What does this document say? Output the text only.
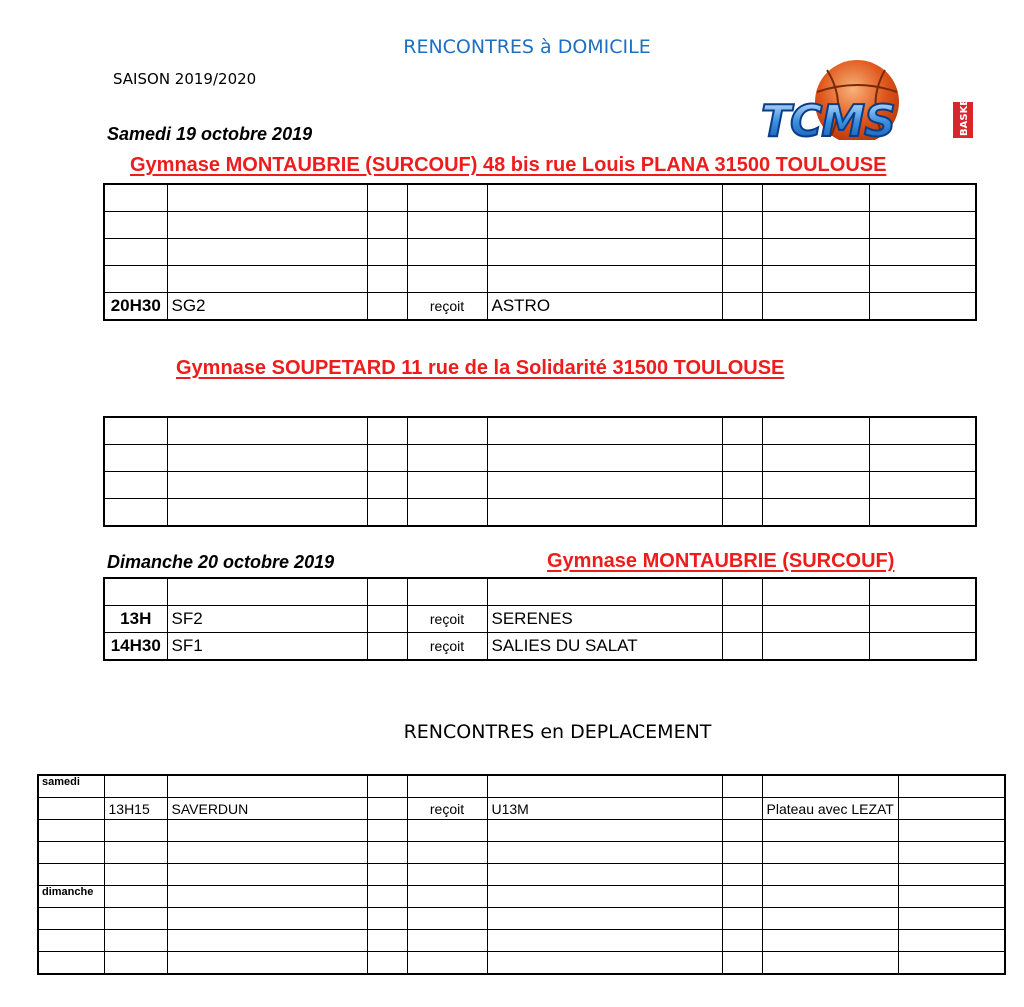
RENCONTRES à DOMICILE
SAISON 2019/2020
TCMS	BASKET
Samedi 19 octobre 2019
Gymnase MONTAUBRIE (SURCOUF) 48 bis rue Louis PLANA 31500 TOULOUSE

20H30	SG2		reçoit	ASTRO			
Gymnase SOUPETARD 11 rue de la Solidarité 31500 TOULOUSE

Dimanche 20 octobre 2019	Gymnase MONTAUBRIE (SURCOUF)

13H	SF2		reçoit	SERENES			
14H30	SF1		reçoit	SALIES DU SALAT			
RENCONTRES en DEPLACEMENT
samedi								
	13H15	SAVERDUN		reçoit	U13M		Plateau avec LEZAT	

dimanche								
